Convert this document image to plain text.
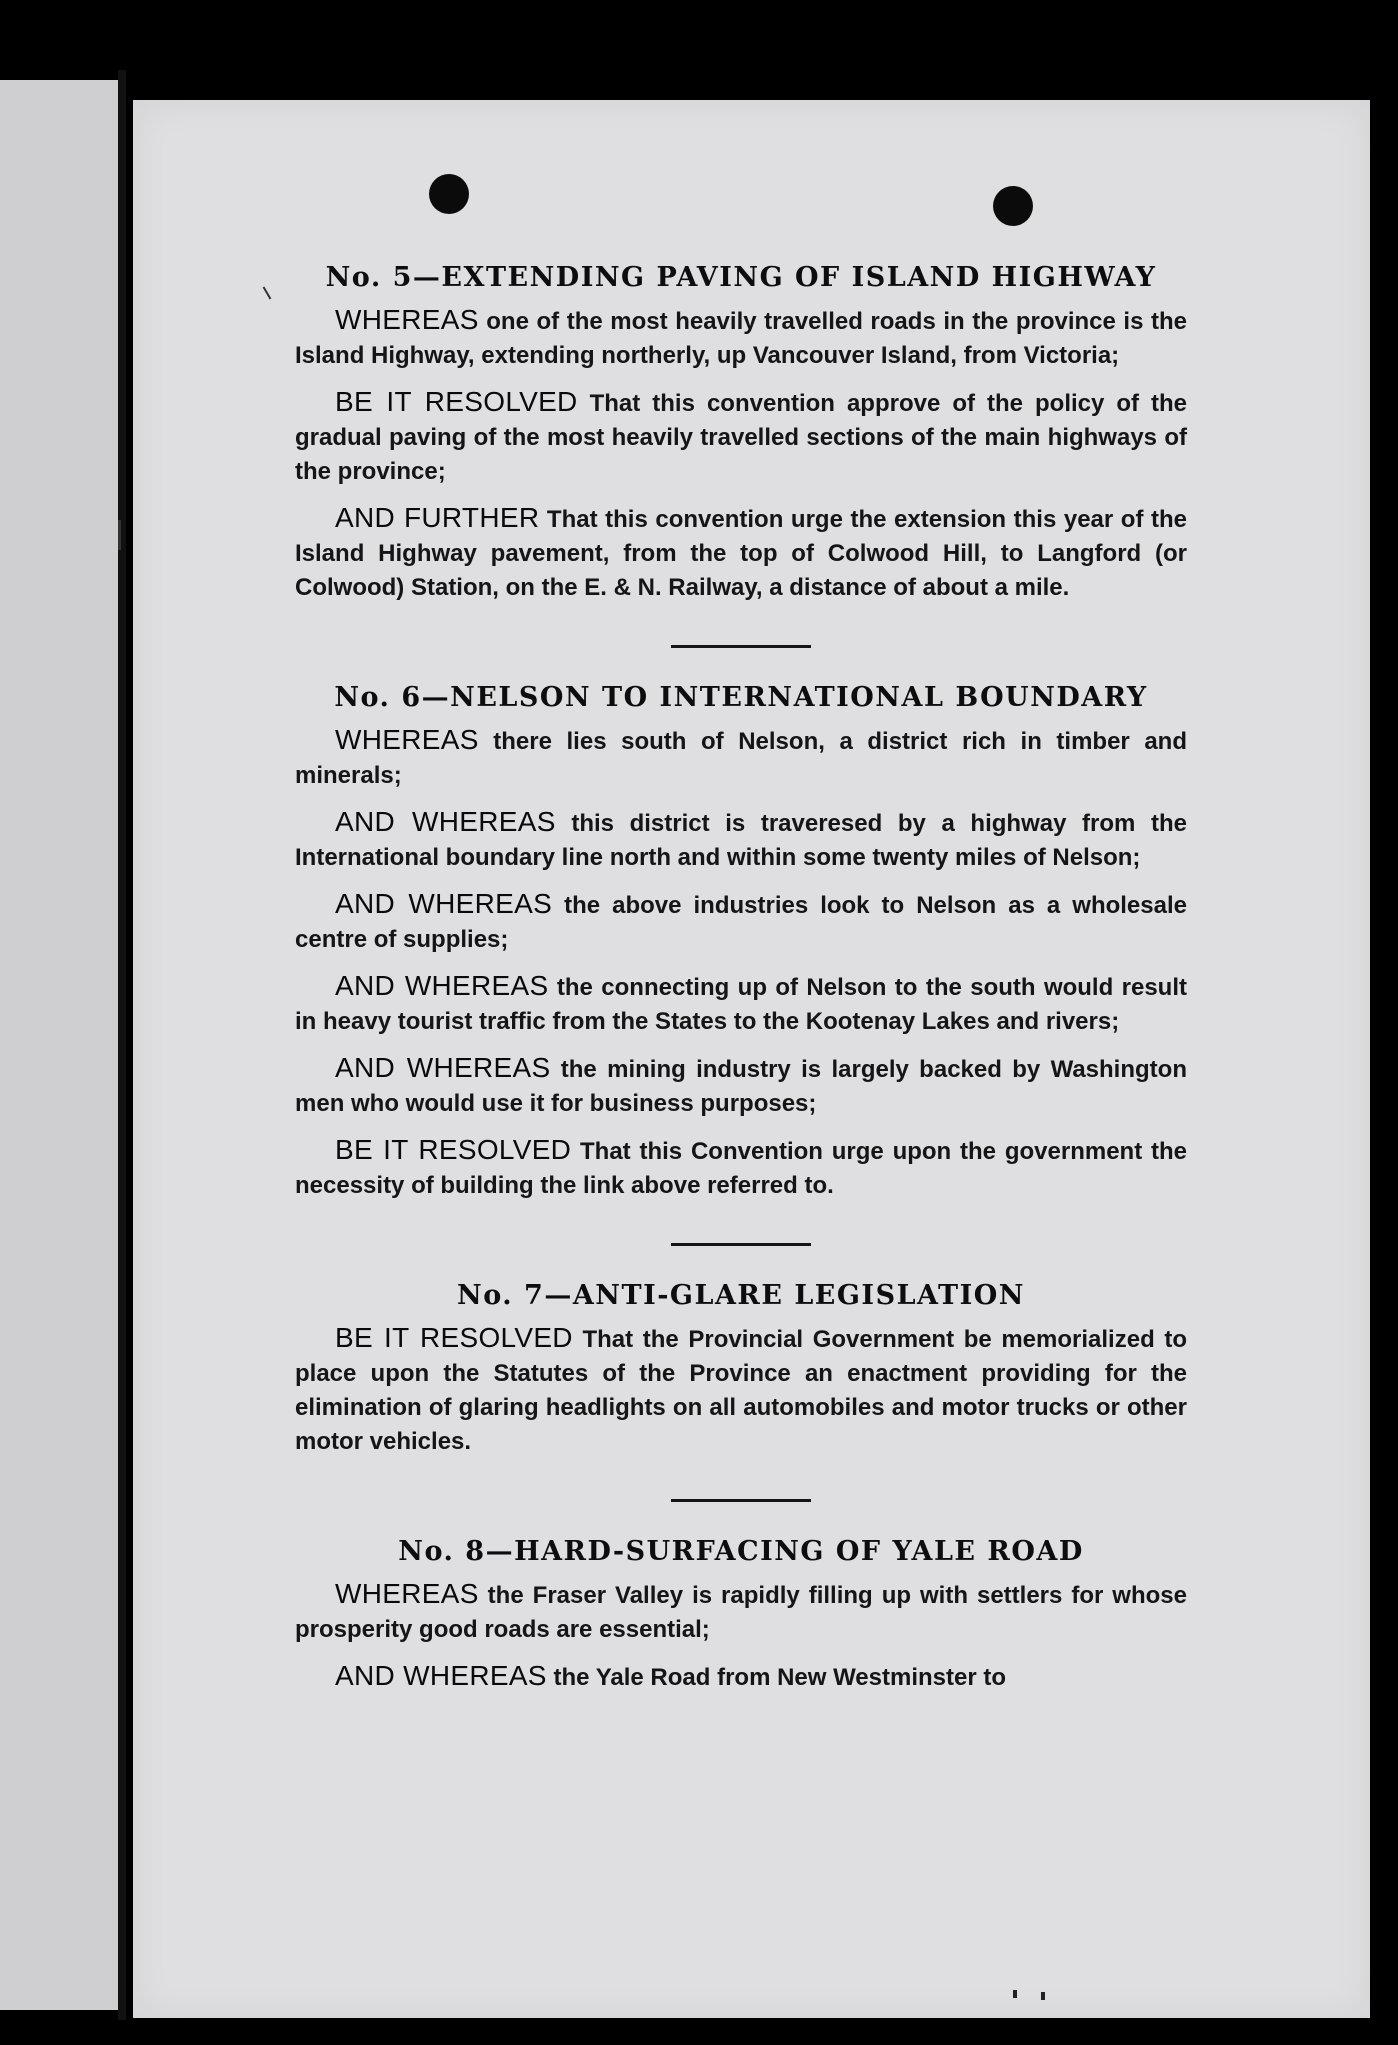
No. 5—EXTENDING PAVING OF ISLAND HIGHWAY

WHEREAS one of the most heavily travelled roads in the province is the Island Highway, extending northerly, up Vancouver Island, from Victoria;

BE IT RESOLVED That this convention approve of the policy of the gradual paving of the most heavily travelled sections of the main highways of the province;

AND FURTHER That this convention urge the extension this year of the Island Highway pavement, from the top of Colwood Hill, to Langford (or Colwood) Station, on the E. & N. Railway, a distance of about a mile.

No. 6—NELSON TO INTERNATIONAL BOUNDARY

WHEREAS there lies south of Nelson, a district rich in timber and minerals;

AND WHEREAS this district is traveresed by a highway from the International boundary line north and within some twenty miles of Nelson;

AND WHEREAS the above industries look to Nelson as a wholesale centre of supplies;

AND WHEREAS the connecting up of Nelson to the south would result in heavy tourist traffic from the States to the Kootenay Lakes and rivers;

AND WHEREAS the mining industry is largely backed by Washington men who would use it for business purposes;

BE IT RESOLVED That this Convention urge upon the government the necessity of building the link above referred to.

No. 7—ANTI-GLARE LEGISLATION

BE IT RESOLVED That the Provincial Government be memorialized to place upon the Statutes of the Province an enactment providing for the elimination of glaring headlights on all automobiles and motor trucks or other motor vehicles.

No. 8—HARD-SURFACING OF YALE ROAD

WHEREAS the Fraser Valley is rapidly filling up with settlers for whose prosperity good roads are essential;

AND WHEREAS the Yale Road from New Westminster to
